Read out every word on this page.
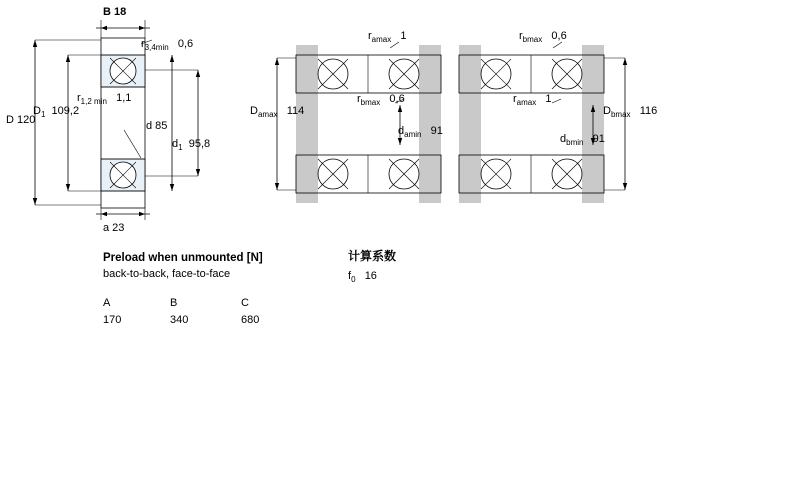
B 18
$r_{3,4min}$ 0,6
D 120
$D_1$ 109,2
$r_{1,2 min}$ 1,1
d 85
$d_1$ 95,8
a 23
$r_{amax}$ 1	$r_{bmax}$ 0,6
$D_{amax}$ 114
$r_{bmax}$ 0,6	$r_{amax}$ 1
$d_{amin}$ 91
$d_{bmin}$ 91
$D_{bmax}$ 116
Preload when unmounted [N]
back-to-back, face-to-face
A	B	C
170	340	680
计算系数
$f_0$ 16
